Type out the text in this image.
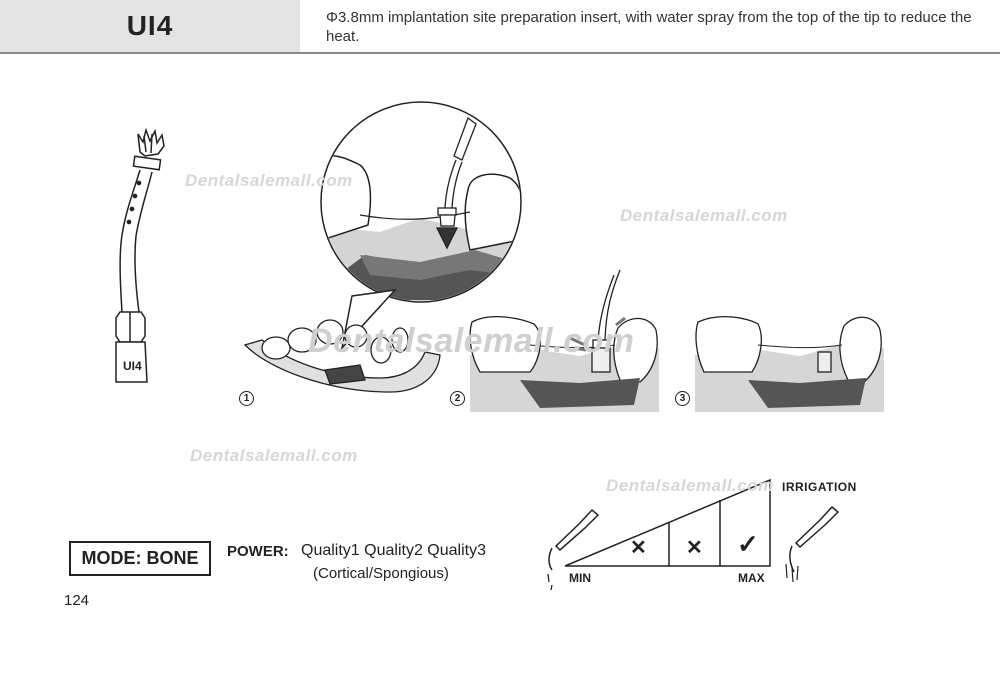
UI4	Φ3.8mm implantation site preparation insert, with water spray from the top of the tip to reduce the heat.
UI4
1	2	3
Dentalsalemall.com
Dentalsalemall.com
Dentalsalemall.com
Dentalsalemall.com
Dentalsalemall.com
MODE: BONE	POWER: Quality1 Quality2 Quality3
(Cortical/Spongious)
IRRIGATION
MIN	MAX
✕ ✕ ✓
124
